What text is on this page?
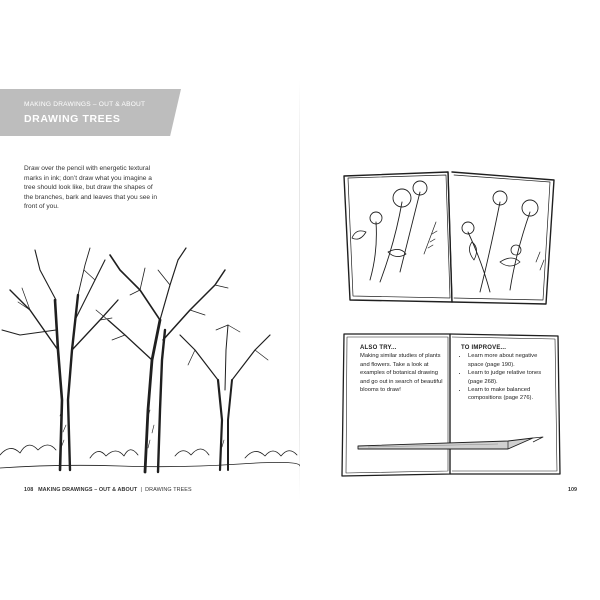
MAKING DRAWINGS – OUT & ABOUT
DRAWING TREES

Draw over the pencil with energetic textural marks in ink; don’t draw what you imagine a tree should look like, but draw the shapes of the branches, bark and leaves that you see in front of you.

108 MAKING DRAWINGS – OUT & ABOUT | DRAWING TREES
ALSO TRY...
Making similar studies of plants and flowers. Take a look at examples of botanical drawing and go out in search of beautiful blooms to draw!
TO IMPROVE...
• Learn more about negative space (page 190).
• Learn to judge relative tones (page 268).
• Learn to make balanced compositions (page 276).
109
